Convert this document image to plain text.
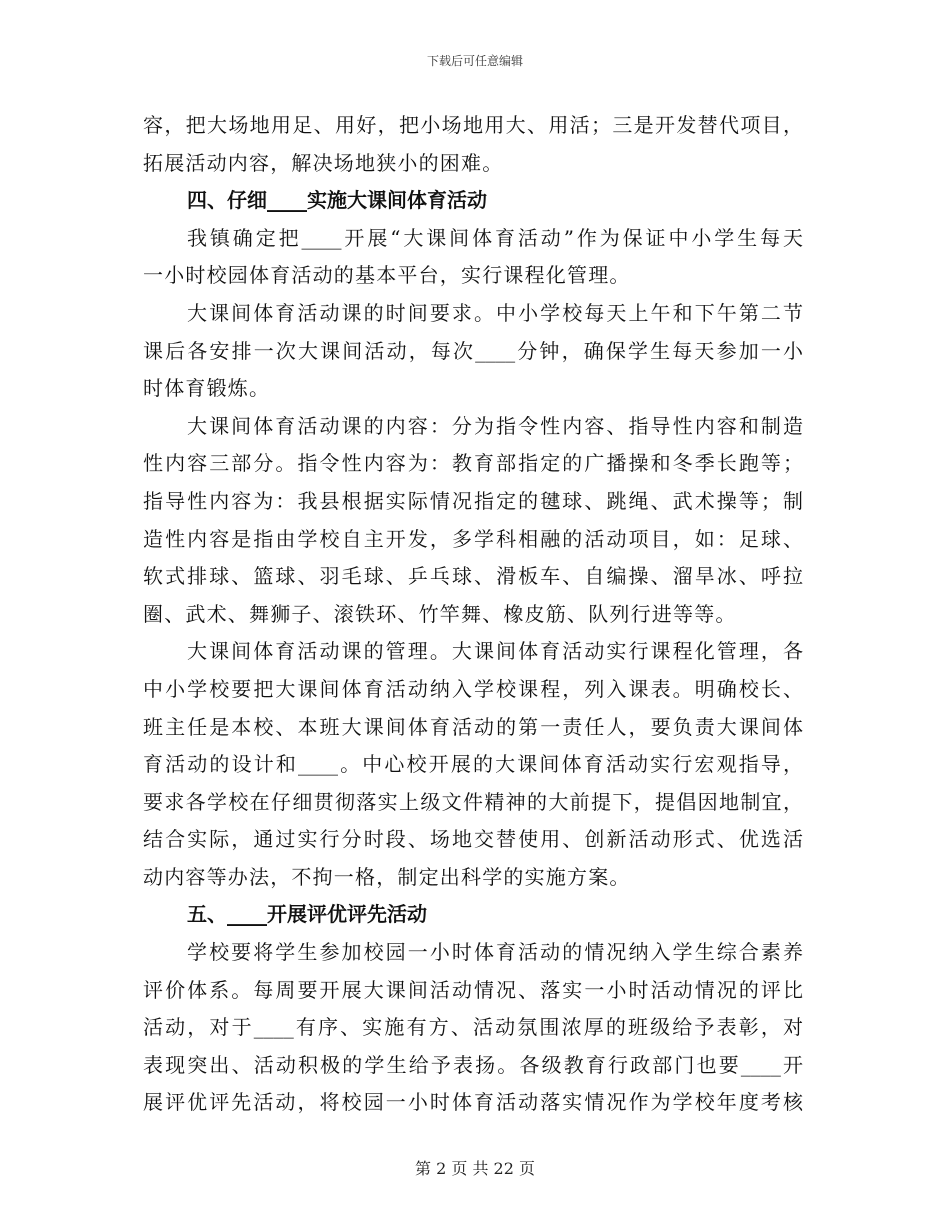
下载后可任意编辑
容，把大场地用足、用好，把小场地用大、用活；三是开发替代项目，
拓展活动内容，解决场地狭小的困难。
四、仔细____实施大课间体育活动
我镇确定把____开展“大课间体育活动”作为保证中小学生每天
一小时校园体育活动的基本平台，实行课程化管理。
大课间体育活动课的时间要求。中小学校每天上午和下午第二节
课后各安排一次大课间活动，每次____分钟，确保学生每天参加一小
时体育锻炼。
大课间体育活动课的内容：分为指令性内容、指导性内容和制造
性内容三部分。指令性内容为：教育部指定的广播操和冬季长跑等；
指导性内容为：我县根据实际情况指定的毽球、跳绳、武术操等；制
造性内容是指由学校自主开发，多学科相融的活动项目，如：足球、
软式排球、篮球、羽毛球、乒乓球、滑板车、自编操、溜旱冰、呼拉
圈、武术、舞狮子、滚铁环、竹竿舞、橡皮筋、队列行进等等。
大课间体育活动课的管理。大课间体育活动实行课程化管理，各
中小学校要把大课间体育活动纳入学校课程，列入课表。明确校长、
班主任是本校、本班大课间体育活动的第一责任人，要负责大课间体
育活动的设计和____。中心校开展的大课间体育活动实行宏观指导，
要求各学校在仔细贯彻落实上级文件精神的大前提下，提倡因地制宜，
结合实际，通过实行分时段、场地交替使用、创新活动形式、优选活
动内容等办法，不拘一格，制定出科学的实施方案。
五、____开展评优评先活动
学校要将学生参加校园一小时体育活动的情况纳入学生综合素养
评价体系。每周要开展大课间活动情况、落实一小时活动情况的评比
活动，对于____有序、实施有方、活动氛围浓厚的班级给予表彰，对
表现突出、活动积极的学生给予表扬。各级教育行政部门也要____开
展评优评先活动，将校园一小时体育活动落实情况作为学校年度考核
第 2 页 共 22 页
